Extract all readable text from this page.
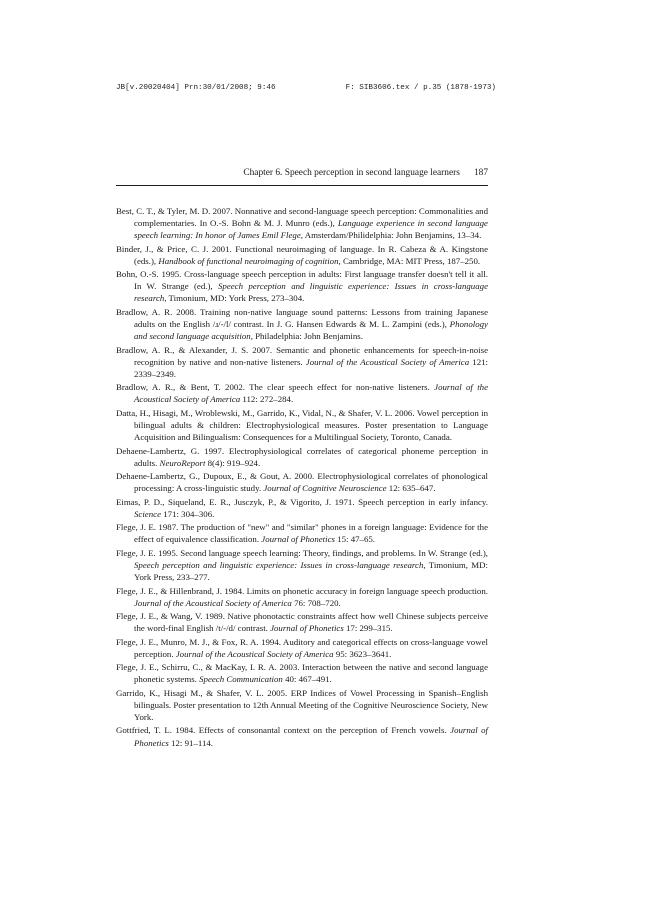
JB[v.20020404] Prn:30/01/2008; 9:46	F: SIB3606.tex / p.35 (1878-1973)
Chapter 6. Speech perception in second language learners 187
Best, C. T., & Tyler, M. D. 2007. Nonnative and second-language speech perception: Commonalities and complementaries. In O.-S. Bohn & M. J. Munro (eds.), Language experience in second language speech learning: In honor of James Emil Flege, Amsterdam/Philidelphia: John Benjamins, 13–34.
Binder, J., & Price, C. J. 2001. Functional neuroimaging of language. In R. Cabeza & A. Kingstone (eds.), Handbook of functional neuroimaging of cognition, Cambridge, MA: MIT Press, 187–250.
Bohn, O.-S. 1995. Cross-language speech perception in adults: First language transfer doesn't tell it all. In W. Strange (ed.), Speech perception and linguistic experience: Issues in cross-language research, Timonium, MD: York Press, 273–304.
Bradlow, A. R. 2008. Training non-native language sound patterns: Lessons from training Japanese adults on the English /ɹ/-/l/ contrast. In J. G. Hansen Edwards & M. L. Zampini (eds.), Phonology and second language acquisition, Philadelphia: John Benjamins.
Bradlow, A. R., & Alexander, J. S. 2007. Semantic and phonetic enhancements for speech-in-noise recognition by native and non-native listeners. Journal of the Acoustical Society of America 121: 2339–2349.
Bradlow, A. R., & Bent, T. 2002. The clear speech effect for non-native listeners. Journal of the Acoustical Society of America 112: 272–284.
Datta, H., Hisagi, M., Wroblewski, M., Garrido, K., Vidal, N., & Shafer, V. L. 2006. Vowel perception in bilingual adults & children: Electrophysiological measures. Poster presentation to Language Acquisition and Bilingualism: Consequences for a Multilingual Society, Toronto, Canada.
Dehaene-Lambertz, G. 1997. Electrophysiological correlates of categorical phoneme perception in adults. NeuroReport 8(4): 919–924.
Dehaene-Lambertz, G., Dupoux, E., & Gout, A. 2000. Electrophysiological correlates of phonological processing: A cross-linguistic study. Journal of Cognitive Neuroscience 12: 635–647.
Eimas, P. D., Siqueland, E. R., Jusczyk, P., & Vigorito, J. 1971. Speech perception in early infancy. Science 171: 304–306.
Flege, J. E. 1987. The production of "new" and "similar" phones in a foreign language: Evidence for the effect of equivalence classification. Journal of Phonetics 15: 47–65.
Flege, J. E. 1995. Second language speech learning: Theory, findings, and problems. In W. Strange (ed.), Speech perception and linguistic experience: Issues in cross-language research, Timonium, MD: York Press, 233–277.
Flege, J. E., & Hillenbrand, J. 1984. Limits on phonetic accuracy in foreign language speech production. Journal of the Acoustical Society of America 76: 708–720.
Flege, J. E., & Wang, V. 1989. Native phonotactic constraints affect how well Chinese subjects perceive the word-final English /t/-/d/ contrast. Journal of Phonetics 17: 299–315.
Flege, J. E., Munro, M. J., & Fox, R. A. 1994. Auditory and categorical effects on cross-language vowel perception. Journal of the Acoustical Society of America 95: 3623–3641.
Flege, J. E., Schirru, C., & MacKay, I. R. A. 2003. Interaction between the native and second language phonetic systems. Speech Communication 40: 467–491.
Garrido, K., Hisagi M., & Shafer, V. L. 2005. ERP Indices of Vowel Processing in Spanish–English bilinguals. Poster presentation to 12th Annual Meeting of the Cognitive Neuroscience Society, New York.
Gottfried, T. L. 1984. Effects of consonantal context on the perception of French vowels. Journal of Phonetics 12: 91–114.
